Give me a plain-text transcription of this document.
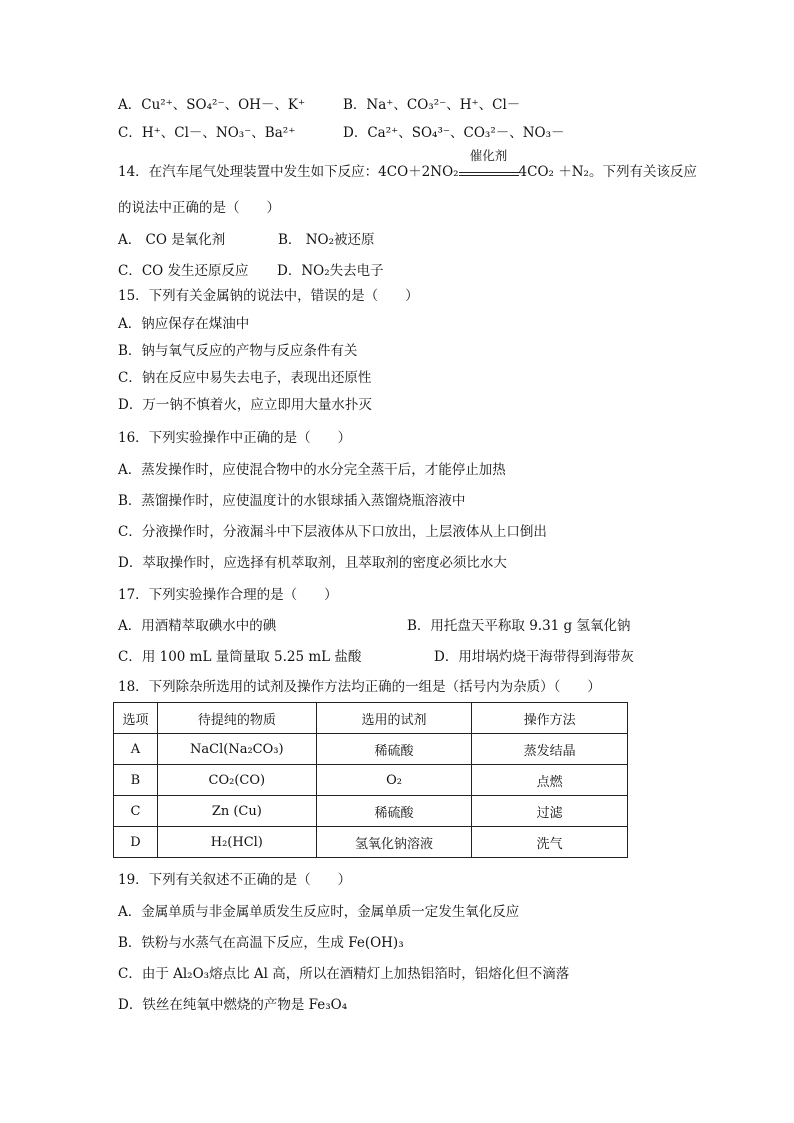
A．Cu²⁺、SO₄²⁻、OH－、K⁺	B．Na⁺、CO₃²⁻、H⁺、Cl－
C．H⁺、Cl－、NO₃⁻、Ba²⁺	D．Ca²⁺、SO₄³⁻、CO₃²－、NO₃－
14．在汽车尾气处理装置中发生如下反应：4CO＋2NO₂
催化剂
4CO₂ ＋N₂。下列有关该反应
的说法中正确的是（　　）
A． CO 是氧化剂	B． NO₂被还原
C．CO 发生还原反应 D．NO₂失去电子
15．下列有关金属钠的说法中，错误的是（　　）
A．钠应保存在煤油中
B．钠与氧气反应的产物与反应条件有关
C．钠在反应中易失去电子，表现出还原性
D．万一钠不慎着火，应立即用大量水扑灭
16．下列实验操作中正确的是（　　）
A．蒸发操作时，应使混合物中的水分完全蒸干后，才能停止加热
B．蒸馏操作时，应使温度计的水银球插入蒸馏烧瓶溶液中
C．分液操作时，分液漏斗中下层液体从下口放出，上层液体从上口倒出
D．萃取操作时，应选择有机萃取剂，且萃取剂的密度必须比水大
17．下列实验操作合理的是（　　）
A．用酒精萃取碘水中的碘	B．用托盘天平称取 9.31 g 氢氧化钠
C．用 100 mL 量筒量取 5.25 mL 盐酸	D．用坩埚灼烧干海带得到海带灰
18．下列除杂所选用的试剂及操作方法均正确的一组是（括号内为杂质）（　　）
选项	待提纯的物质	选用的试剂	操作方法
A	NaCl(Na₂CO₃)	稀硫酸	蒸发结晶
B	CO₂(CO)	O₂	点燃
C	Zn (Cu)	稀硫酸	过滤
D	H₂(HCl)	氢氧化钠溶液	洗气
19．下列有关叙述不正确的是（　　）
A．金属单质与非金属单质发生反应时，金属单质一定发生氧化反应
B．铁粉与水蒸气在高温下反应，生成 Fe(OH)₃
C．由于 Al₂O₃熔点比 Al 高，所以在酒精灯上加热铝箔时，铝熔化但不滴落
D．铁丝在纯氧中燃烧的产物是 Fe₃O₄
